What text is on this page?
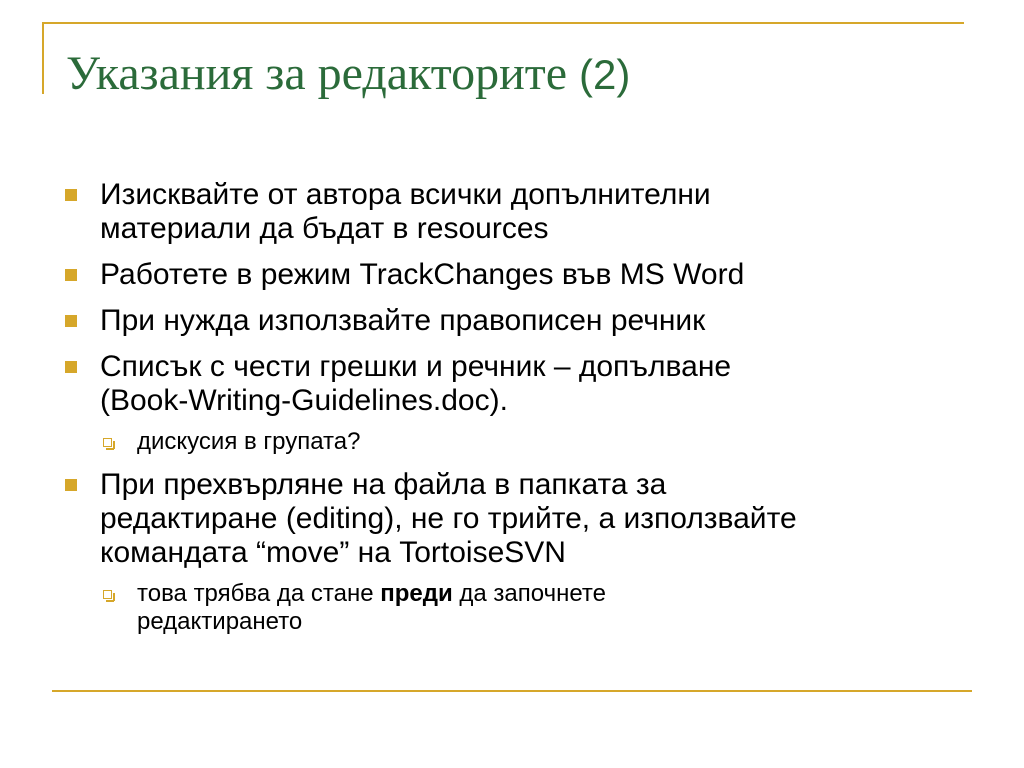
Указания за редакторите (2)
Изисквайте от автора всички допълнителни
материали да бъдат в resources
Работете в режим TrackChanges във MS Word
При нужда използвайте правописен речник
Списък с чести грешки и речник – допълване
(Book-Writing-Guidelines.doc).
дискусия в групата?
При прехвърляне на файла в папката за
редактиране (editing), не го трийте, а използвайте
командата “move” на TortoiseSVN
това трябва да стане преди да започнете
редактирането
